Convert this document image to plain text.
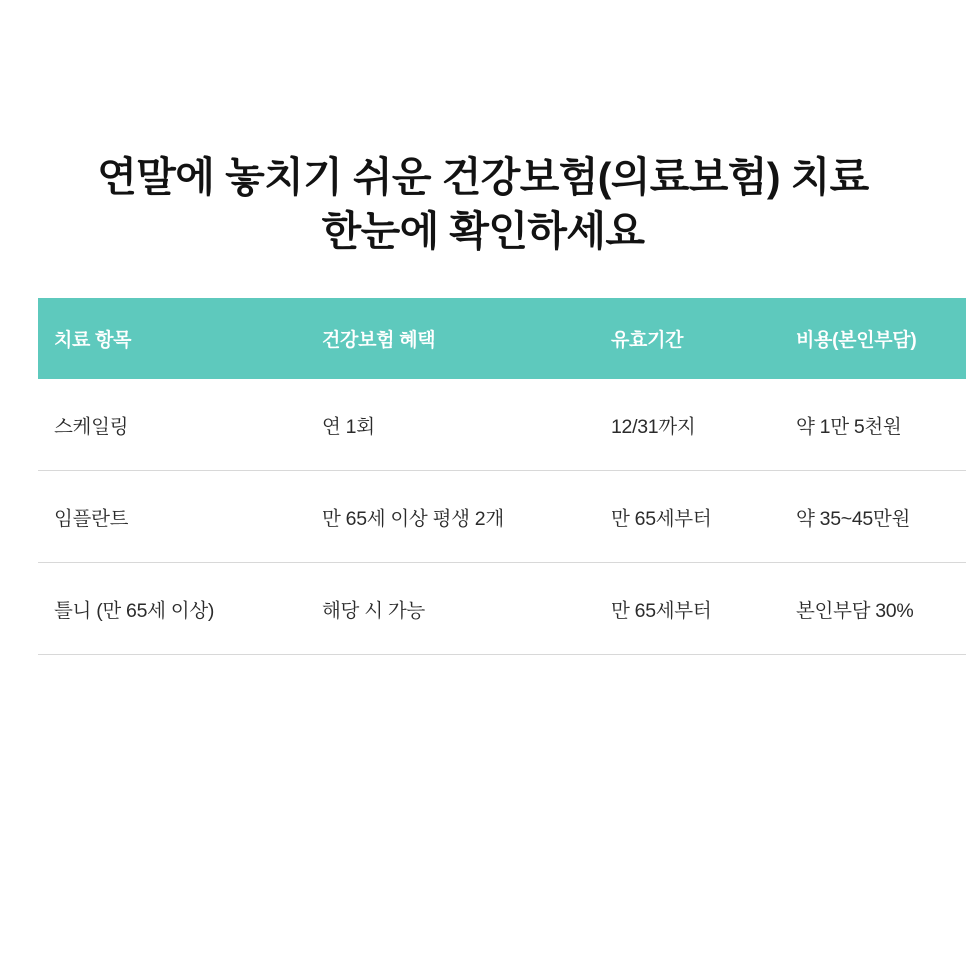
연말에 놓치기 쉬운 건강보험(의료보험) 치료
한눈에 확인하세요
치료 항목	건강보험 혜택	유효기간	비용(본인부담)
스케일링	연 1회	12/31까지	약 1만 5천원
임플란트	만 65세 이상 평생 2개	만 65세부터	약 35~45만원
틀니 (만 65세 이상)	해당 시 가능	만 65세부터	본인부담 30%
